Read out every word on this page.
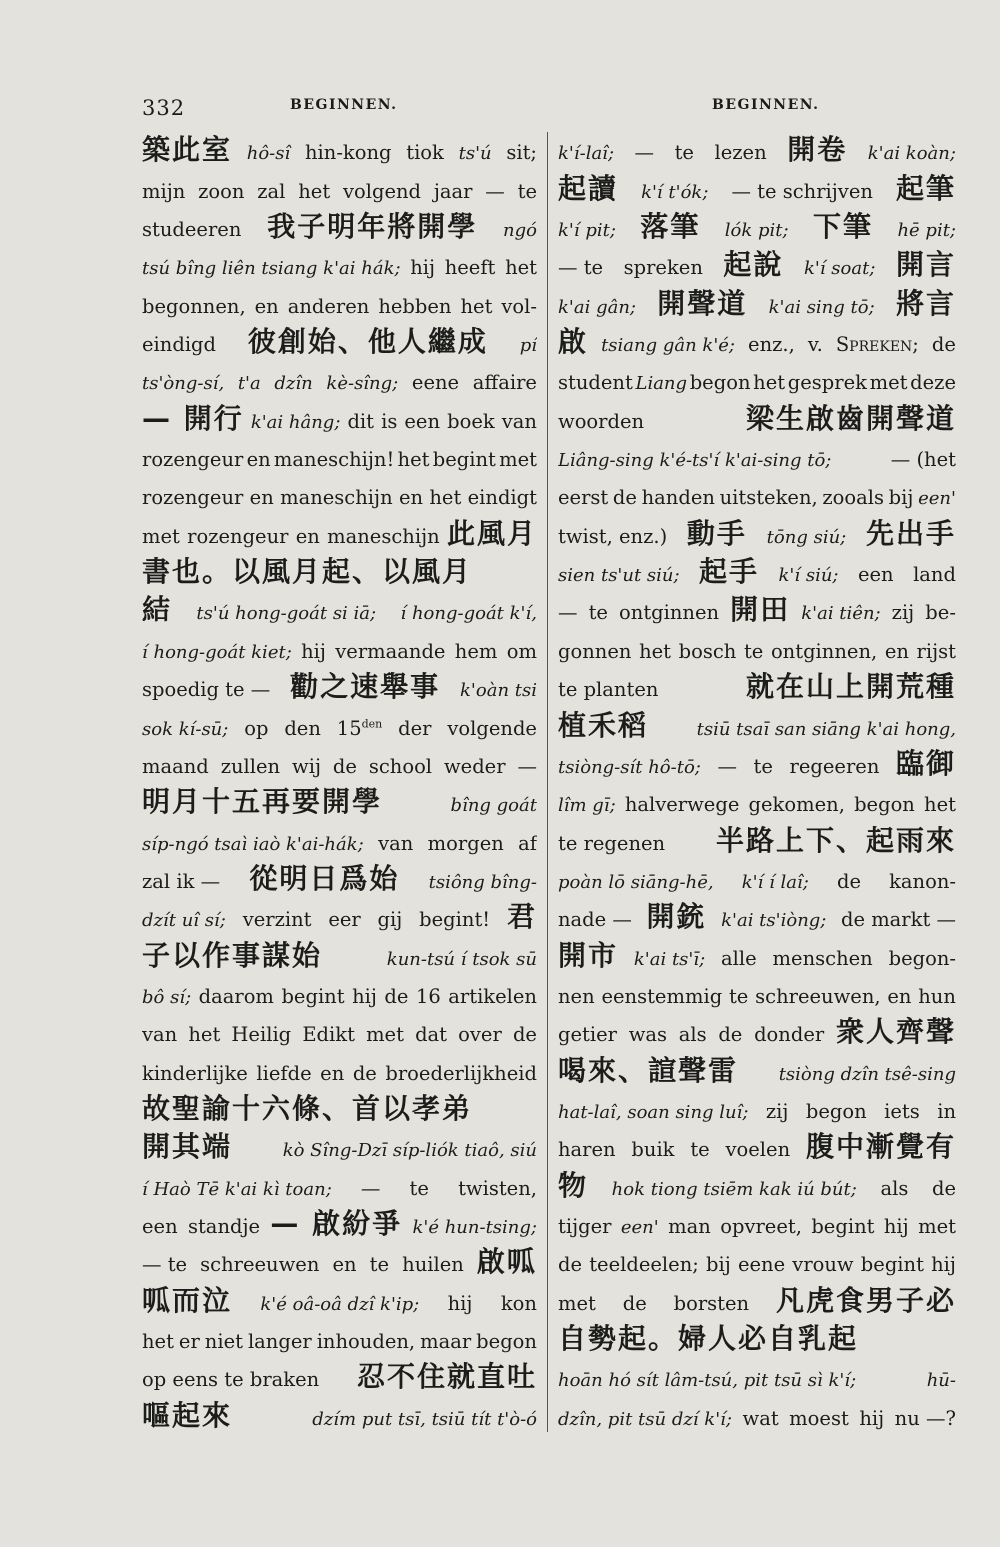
332	BEGINNEN.	BEGINNEN.
築此室 hô-sî hin-kong tiok ts'ú sit;
mijn zoon zal het volgend jaar — te
studeeren 我子明年將開學 ngó
tsú bîng liên tsiang k'ai hák; hij heeft het
begonnen, en anderen hebben het vol-
eindigd 彼創始、他人繼成 pí
ts'òng-sí, t'a dzîn kè-sîng; eene affaire
— 開行 k'ai hâng; dit is een boek van
rozengeur en maneschijn! het begint met
rozengeur en maneschijn en het eindigt
met rozengeur en maneschijn 此風月
書也。以風月起、以風月
結 ts'ú hong-goát si iā; í hong-goát k'í,
í hong-goát kiet; hij vermaande hem om
spoedig te — 勸之速舉事 k'oàn tsi
sok kí-sū; op den $15^{den}$ der volgende
maand zullen wij de school weder —
明月十五再要開學	bîng goát
síp-ngó tsaì iaò k'ai-hák; van morgen af
zal ik — 從明日爲始 tsiông bîng-
dzít uî sí; verzint eer gij begint! 君
子以作事謀始	kun-tsú í tsok sū
bô sí; daarom begint hij de 16 artikelen
van het Heilig Edikt met dat over de
kinderlijke liefde en de broederlijkheid
故聖諭十六條、首以孝弟
開其端	kò Sîng-Dzī síp-liók tiaô, siú
í Haò Tē k'ai kì toan; — te twisten,
een standje — 啟紛爭 k'é hun-tsing;
— te schreeuwen en te huilen 啟呱
呱而泣 k'é oâ-oâ dzî k'ip; hij kon
het er niet langer inhouden, maar begon
op eens te braken 忍不住就直吐
嘔起來	dzím put tsī, tsiū tít t'ò-ó
k'í-laî; — te lezen 開卷 k'ai koàn;
起讀 k'í t'ók; — te schrijven 起筆
k'í pit; 落筆 lók pit; 下筆 hē pit;
— te spreken 起說 k'í soat; 開言
k'ai gân; 開聲道 k'ai sing tō; 將言
啟 tsiang gân k'é; enz., v. Spreken; de
student Liang begon het gesprek met deze
woorden	梁生啟齒開聲道
Liâng-sing k'é-ts'í k'ai-sing tō;	— (het
eerst de handen uitsteken, zooals bij een'
twist, enz.) 動手 tōng siú; 先出手
sien ts'ut siú; 起手 k'í siú; een land
— te ontginnen 開田 k'ai tiên; zij be-
gonnen het bosch te ontginnen, en rijst
te planten	就在山上開荒種
植禾稻	tsiū tsaī san siāng k'ai hong,
tsiòng-sít hô-tō; — te regeeren 臨御
lîm gī; halverwege gekomen, begon het
te regenen 半路上下、起雨來
poàn lō siāng-hē, k'í í laî; de kanon-
nade — 開銃 k'ai ts'iòng; de markt —
開市 k'ai ts'ī; alle menschen begon-
nen eenstemmig te schreeuwen, en hun
getier was als de donder 衆人齊聲
喝來、諠聲雷 tsiòng dzîn tsê-sing
hat-laî, soan sing luî; zij begon iets in
haren buik te voelen 腹中漸覺有
物 hok tiong tsiēm kak iú bút; als de
tijger een' man opvreet, begint hij met
de teeldeelen; bij eene vrouw begint hij
met de borsten 凡虎食男子必
自勢起。婦人必自乳起
hoān hó sít lâm-tsú, pit tsū sì k'í;	hū-
dzîn, pit tsū dzí k'í; wat moest hij nu —?
